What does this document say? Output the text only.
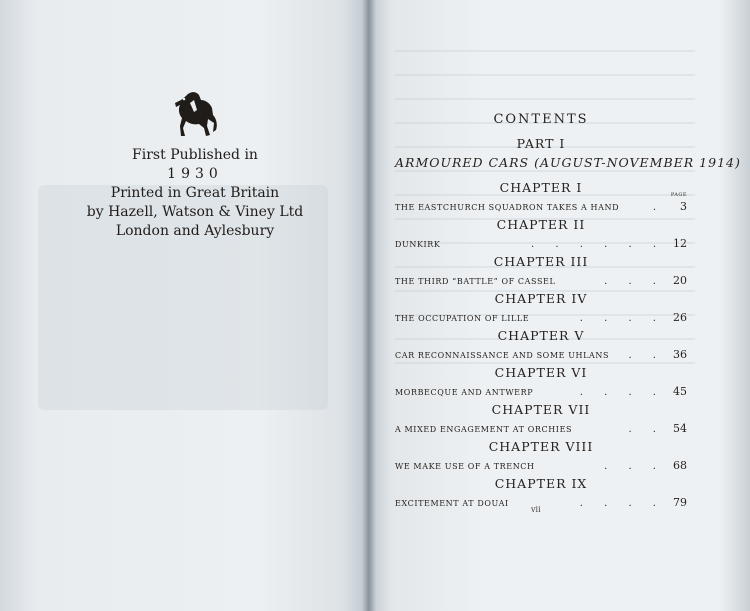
First Published in
1930
Printed in Great Britain
by Hazell, Watson & Viney Ltd
London and Aylesbury
CONTENTS
PART I
ARMOURED CARS (AUGUST-NOVEMBER 1914)
CHAPTER I	PAGE
THE EASTCHURCH SQUADRON TAKES A HAND	.	3
CHAPTER II
DUNKIRK	. . . . . . 12
CHAPTER III
THE THIRD “BATTLE” OF CASSEL	. . . 20
CHAPTER IV
THE OCCUPATION OF LILLE	. . . . 26
CHAPTER V
CAR RECONNAISSANCE AND SOME UHLANS	. . 36
CHAPTER VI
MORBECQUE AND ANTWERP	. . . . 45
CHAPTER VII
A MIXED ENGAGEMENT AT ORCHIES	. . 54
CHAPTER VIII
WE MAKE USE OF A TRENCH	. . . 68
CHAPTER IX
EXCITEMENT AT DOUAI	. . . . 79
vii
